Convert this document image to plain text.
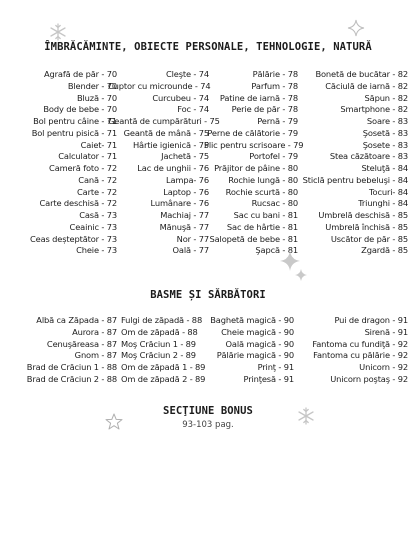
ÎMBRĂCĂMINTE, OBIECTE PERSONALE, TEHNOLOGIE, NATURĂ
Agrafă de păr - 70
Blender - 70
Bluză - 70
Body de bebe - 70
Bol pentru câine - 71
Bol pentru pisică - 71
Caiet- 71
Calculator - 71
Cameră foto - 72
Cană - 72
Carte - 72
Carte deschisă - 72
Casă - 73
Ceainic - 73
Ceas deșteptător - 73
Cheie - 73
Cleşte - 74
Cuptor cu microunde - 74
Curcubeu - 74
Foc - 74
Geantă de cumpărături - 75
Geantă de mână - 75
Hârtie igienică - 75
Jachetă - 75
Lac de unghii - 76
Lampa- 76
Laptop - 76
Lumânare - 76
Machiaj - 77
Mănuşă - 77
Nor - 77
Oală - 77
Pălărie - 78
Parfum - 78
Patine de iarnă - 78
Perie de păr - 78
Pernă - 79
Perne de călătorie - 79
Plic pentru scrisoare - 79
Portofel - 79
Prăjitor de pâine - 80
Rochie lungă - 80
Rochie scurtă - 80
Rucsac - 80
Sac cu bani - 81
Sac de hârtie - 81
Salopetă de bebe - 81
Şapcă - 81
Bonetă de bucătar - 82
Căciulă de iarnă - 82
Săpun - 82
Smartphone - 82
Soare - 83
Şosetă - 83
Şosete - 83
Stea căzătoare - 83
Steluţă - 84
Sticlă pentru bebeluşi - 84
Tocuri- 84
Triunghi - 84
Umbrelă deschisă - 85
Umbrelă închisă - 85
Uscător de păr - 85
Zgardă - 85
BASME ȘI SĂRBĂTORI
Albă ca Zăpada - 87
Aurora - 87
Cenuşăreasa - 87
Gnom - 87
Brad de Crăciun 1 - 88
Brad de Crăciun 2 - 88
Fulgi de zăpadă - 88
Om de zăpadă - 88
Moş Crăciun 1 - 89
Moş Crăciun 2 - 89
Om de zăpadă 1 - 89
Om de zăpadă 2 - 89
Baghetă magică - 90
Cheie magică - 90
Oală magică - 90
Pălărie magică - 90
Prinţ - 91
Prinţesă - 91
Pui de dragon - 91
Sirenă - 91
Fantoma cu fundiţă - 92
Fantoma cu pălărie - 92
Unicorn - 92
Unicorn poştaş - 92
SECŢIUNE BONUS
93-103 pag.
